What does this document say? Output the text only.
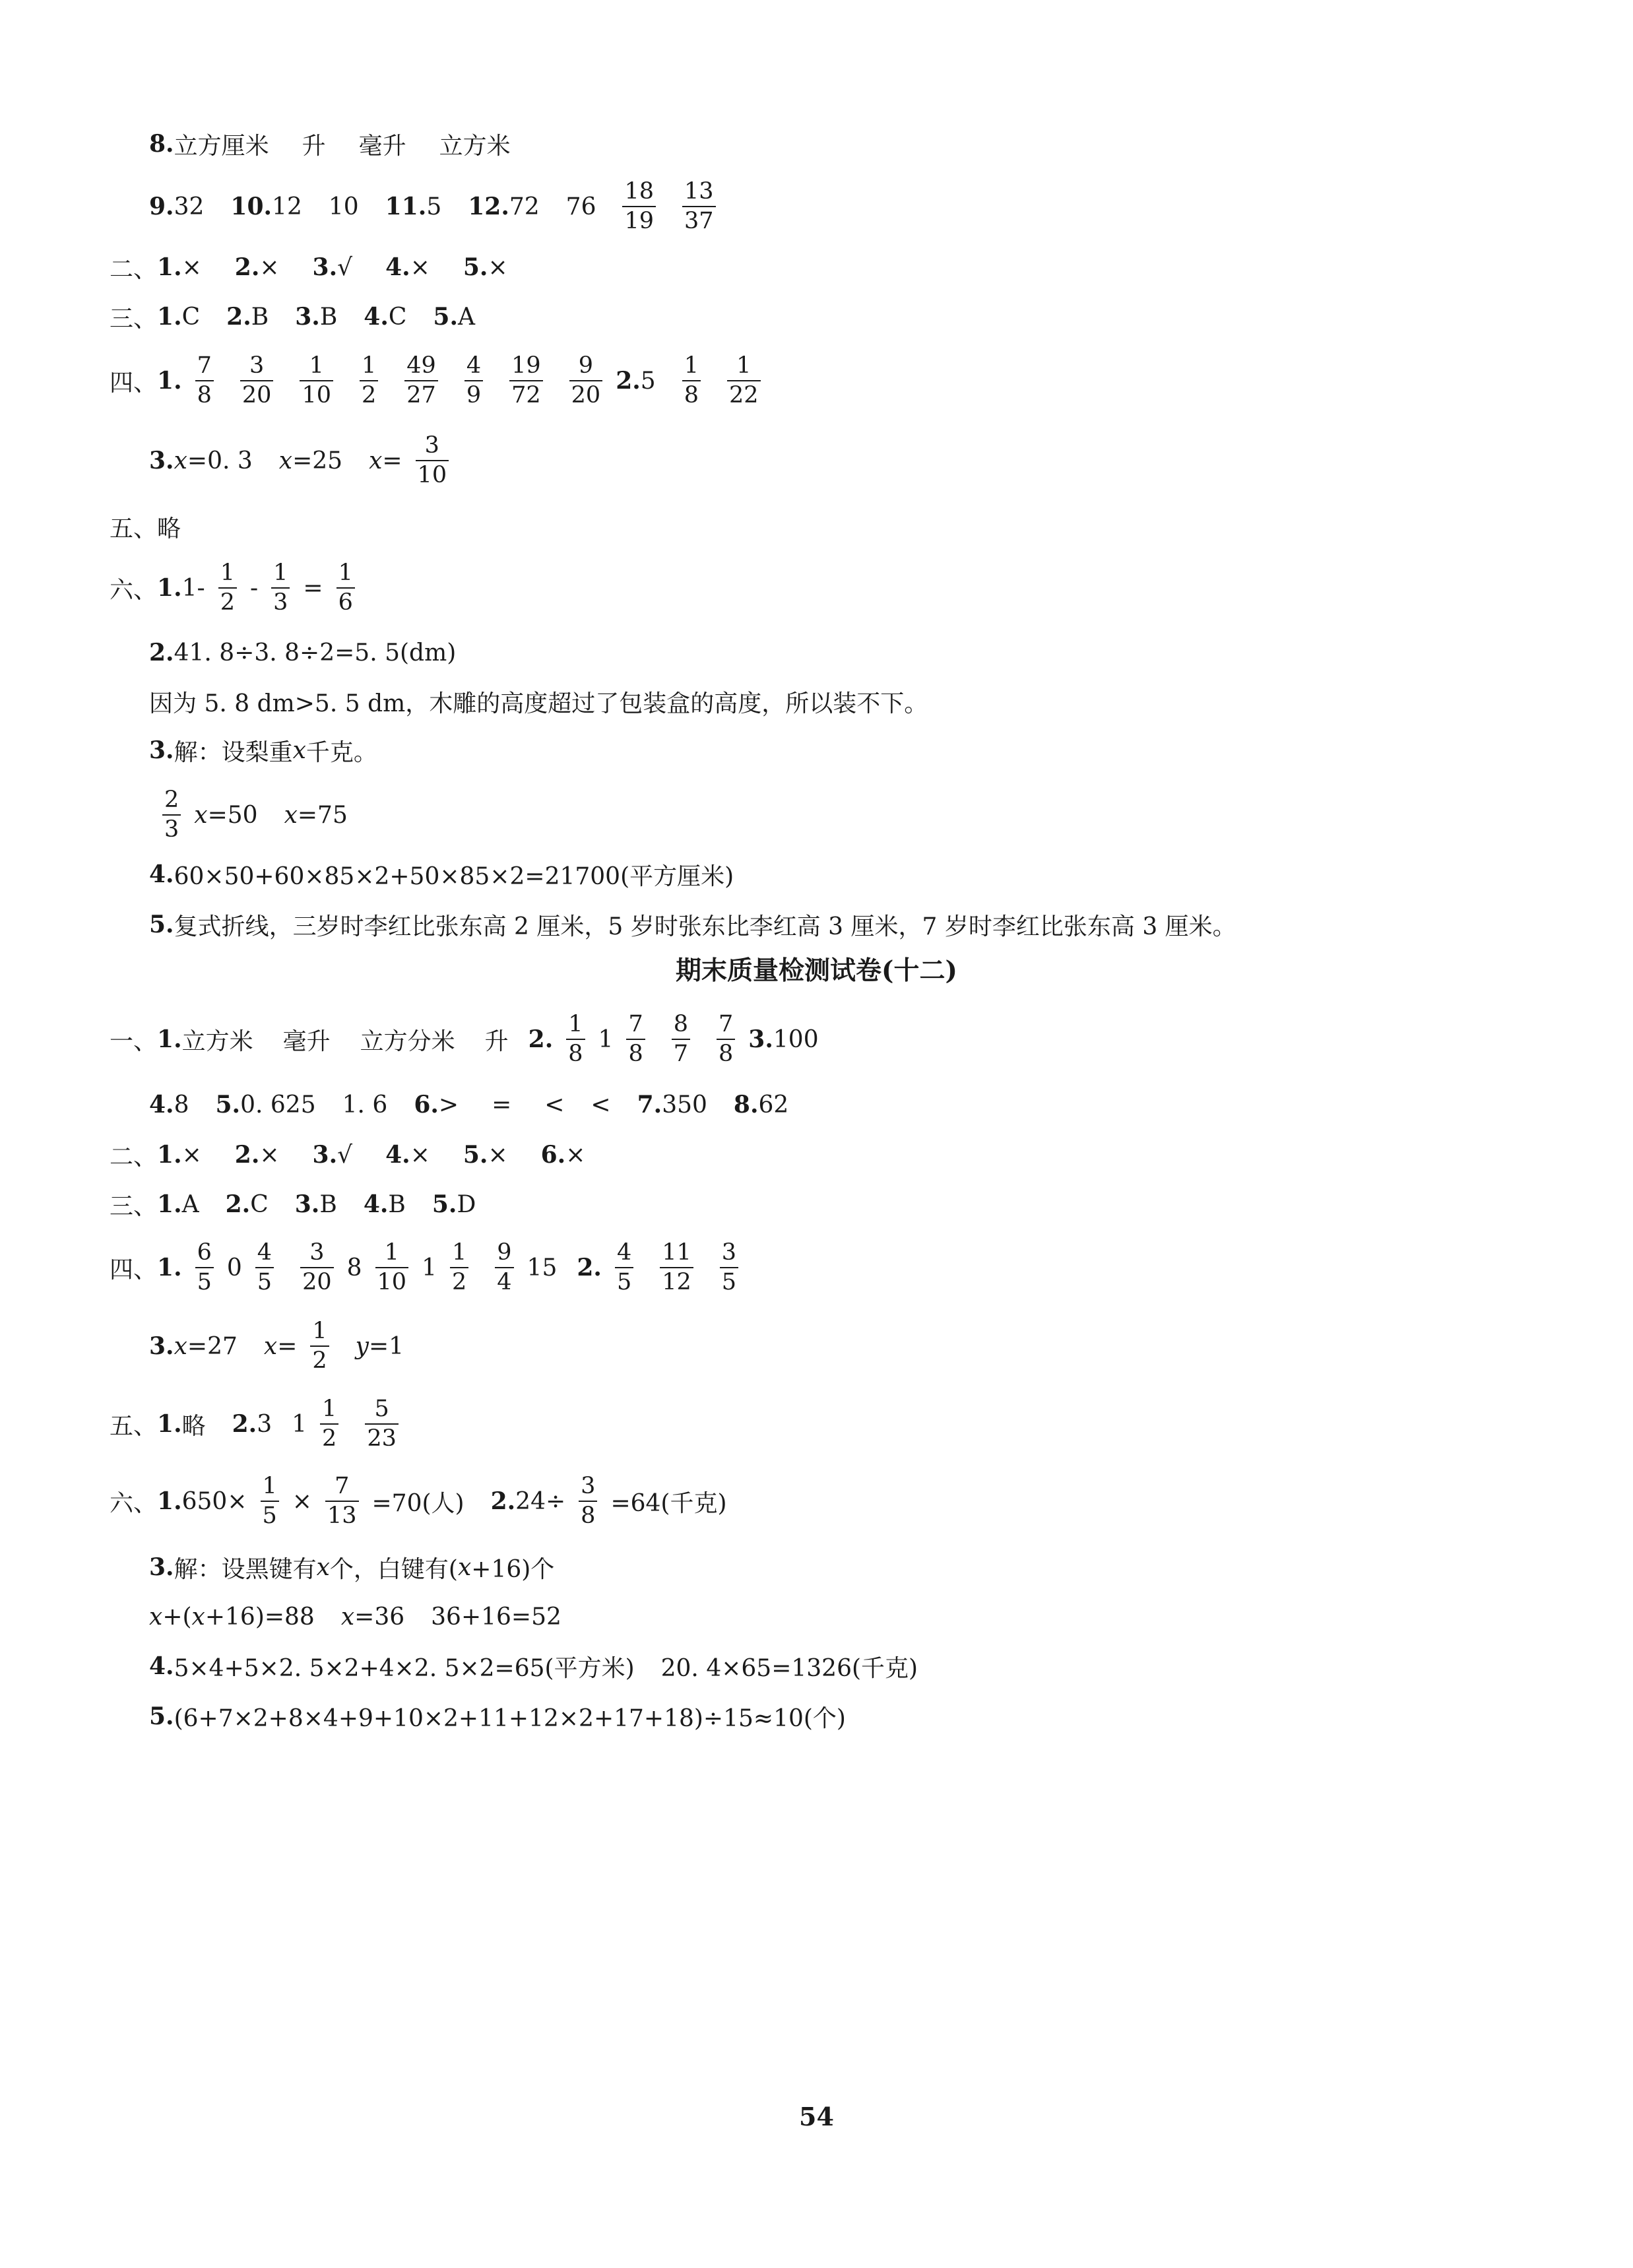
8. 立方厘米 升 毫升 立方米
9. 32 10. 12 10 11. 5 12. 72 $76 \frac{18}{19} \frac{13}{37}$
二、 1. × 2. × 3. √ 4. × 5. ×
三、 1. C 2. B 3. B 4. C 5. A
四、 1. $\frac{7}{8} \frac{3}{20} \frac{1}{10} \frac{1}{2} \frac{49}{27} \frac{4}{9} \frac{19}{72} \frac{9}{20} 2$. $5 \frac{1}{8} \frac{1}{22}$
3. x =0. 3 x =25 $x = \frac{3}{10}$
五、略
六、 1. $1- \frac{1}{2} - \frac{1}{3} = \frac{1}{6}$
2. 41. 8÷3. 8÷2=5. 5(dm)
因为 5. 8 dm>5. 5 dm，木雕的高度超过了包装盒的高度，所以装不下。
3. 解：设梨重 x 千克。
$\frac{2}{3}$ x =50 x =75
4. 60×50+60×85×2+50×85×2=21700(平方厘米)
5. 复式折线，三岁时李红比张东高 2 厘米，5 岁时张东比李红高 3 厘米，7 岁时李红比张东高 3 厘米。
一、 1. 立方米 毫升 立方分米 升 2. $\frac{1}{8} 1 \frac{7}{8} \frac{8}{7} \frac{7}{8} 3$. 100
4. 8 5. 0. 625 1. 6 6. > = < < 7. 350 8. 62
二、 1. × 2. × 3. √ 4. × 5. × 6. ×
三、 1. A 2. C 3. B 4. B 5. D
四、 1. $\frac{6}{5} 0 \frac{4}{5} \frac{3}{20} 8 \frac{1}{10} 1 \frac{1}{2} \frac{9}{4} 15$ 2. $\frac{4}{5} \frac{11}{12} \frac{3}{5}$
3. x =27 $x = \frac{1}{2}$ y =1
五、 1. 略 2. 3 $1 \frac{1}{2} \frac{5}{23}$
六、 1. $650\times \frac{1}{5} \times \frac{7}{13} =70$(人) 2. $24\div \frac{3}{8} =64$(千克)
3. 解：设黑键有 x 个，白键有( x +16)个
x +( x +16)=88 x =36 36+16=52
4. 5×4+5×2. 5×2+4×2. 5×2=65(平方米) 20. 4×65=1326(千克)
5. (6+7×2+8×4+9+10×2+11+12×2+17+18)÷15≈10(个)
期末质量检测试卷(十二)
54
